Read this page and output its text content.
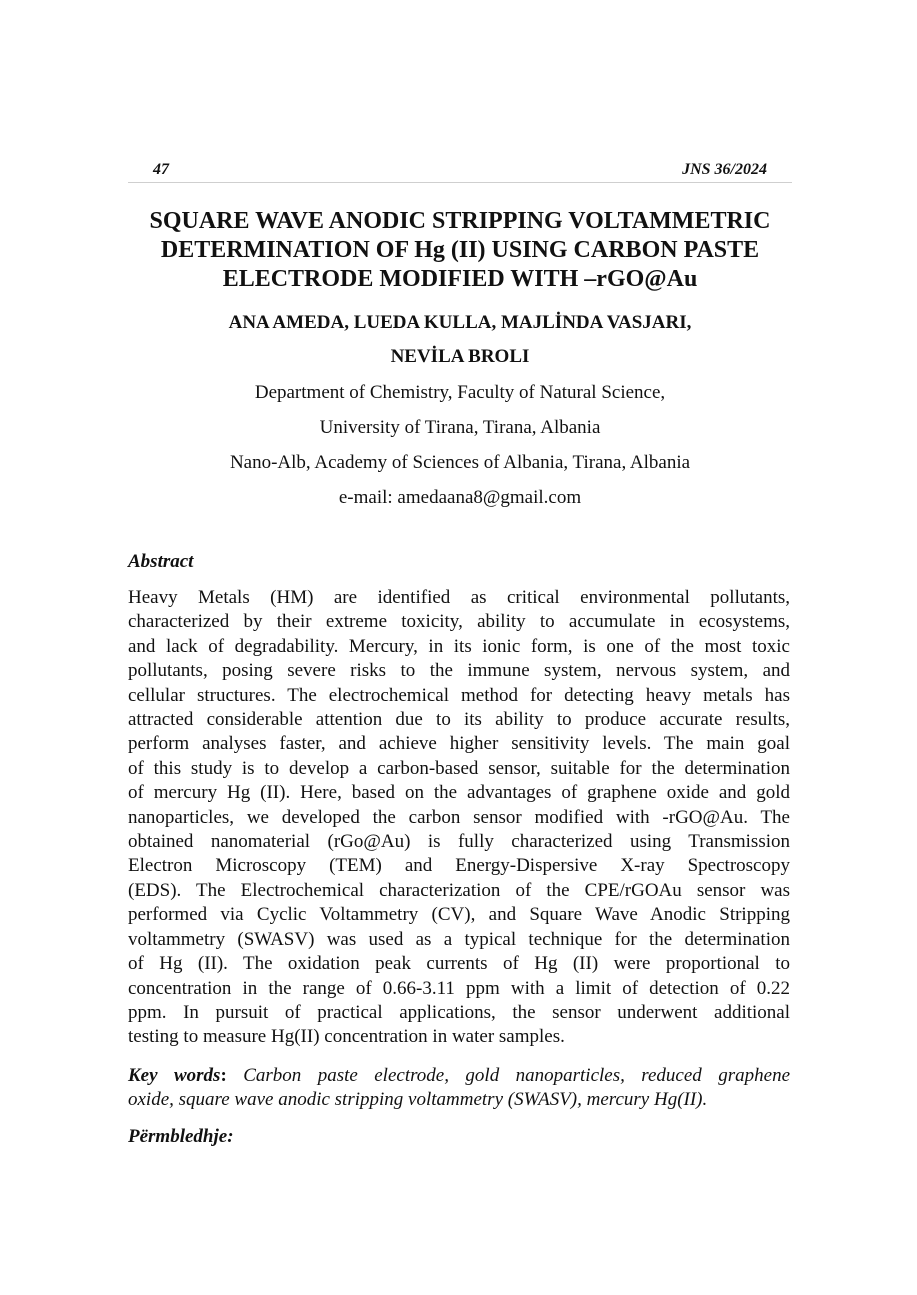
47	JNS 36/2024
SQUARE WAVE ANODIC STRIPPING VOLTAMMETRIC
DETERMINATION OF Hg (II) USING CARBON PASTE
ELECTRODE MODIFIED WITH –rGO@Au
ANA AMEDA, LUEDA KULLA, MAJLİNDA VASJARI,
NEVİLA BROLI
Department of Chemistry, Faculty of Natural Science,
University of Tirana, Tirana, Albania
Nano-Alb, Academy of Sciences of Albania, Tirana, Albania
e-mail: amedaana8@gmail.com
Abstract
Heavy Metals (HM) are identified as critical environmental pollutants,
characterized by their extreme toxicity, ability to accumulate in ecosystems,
and lack of degradability. Mercury, in its ionic form, is one of the most toxic
pollutants, posing severe risks to the immune system, nervous system, and
cellular structures. The electrochemical method for detecting heavy metals has
attracted considerable attention due to its ability to produce accurate results,
perform analyses faster, and achieve higher sensitivity levels. The main goal
of this study is to develop a carbon-based sensor, suitable for the determination
of mercury Hg (II). Here, based on the advantages of graphene oxide and gold
nanoparticles, we developed the carbon sensor modified with -rGO@Au. The
obtained nanomaterial (rGo@Au) is fully characterized using Transmission
Electron Microscopy (TEM) and Energy-Dispersive X-ray Spectroscopy
(EDS). The Electrochemical characterization of the CPE/rGOAu sensor was
performed via Cyclic Voltammetry (CV), and Square Wave Anodic Stripping
voltammetry (SWASV) was used as a typical technique for the determination
of Hg (II). The oxidation peak currents of Hg (II) were proportional to
concentration in the range of 0.66-3.11 ppm with a limit of detection of 0.22
ppm. In pursuit of practical applications, the sensor underwent additional
testing to measure Hg(II) concentration in water samples.
Key words: Carbon paste electrode, gold nanoparticles, reduced graphene
oxide, square wave anodic stripping voltammetry (SWASV), mercury Hg(II).
Përmbledhje:
